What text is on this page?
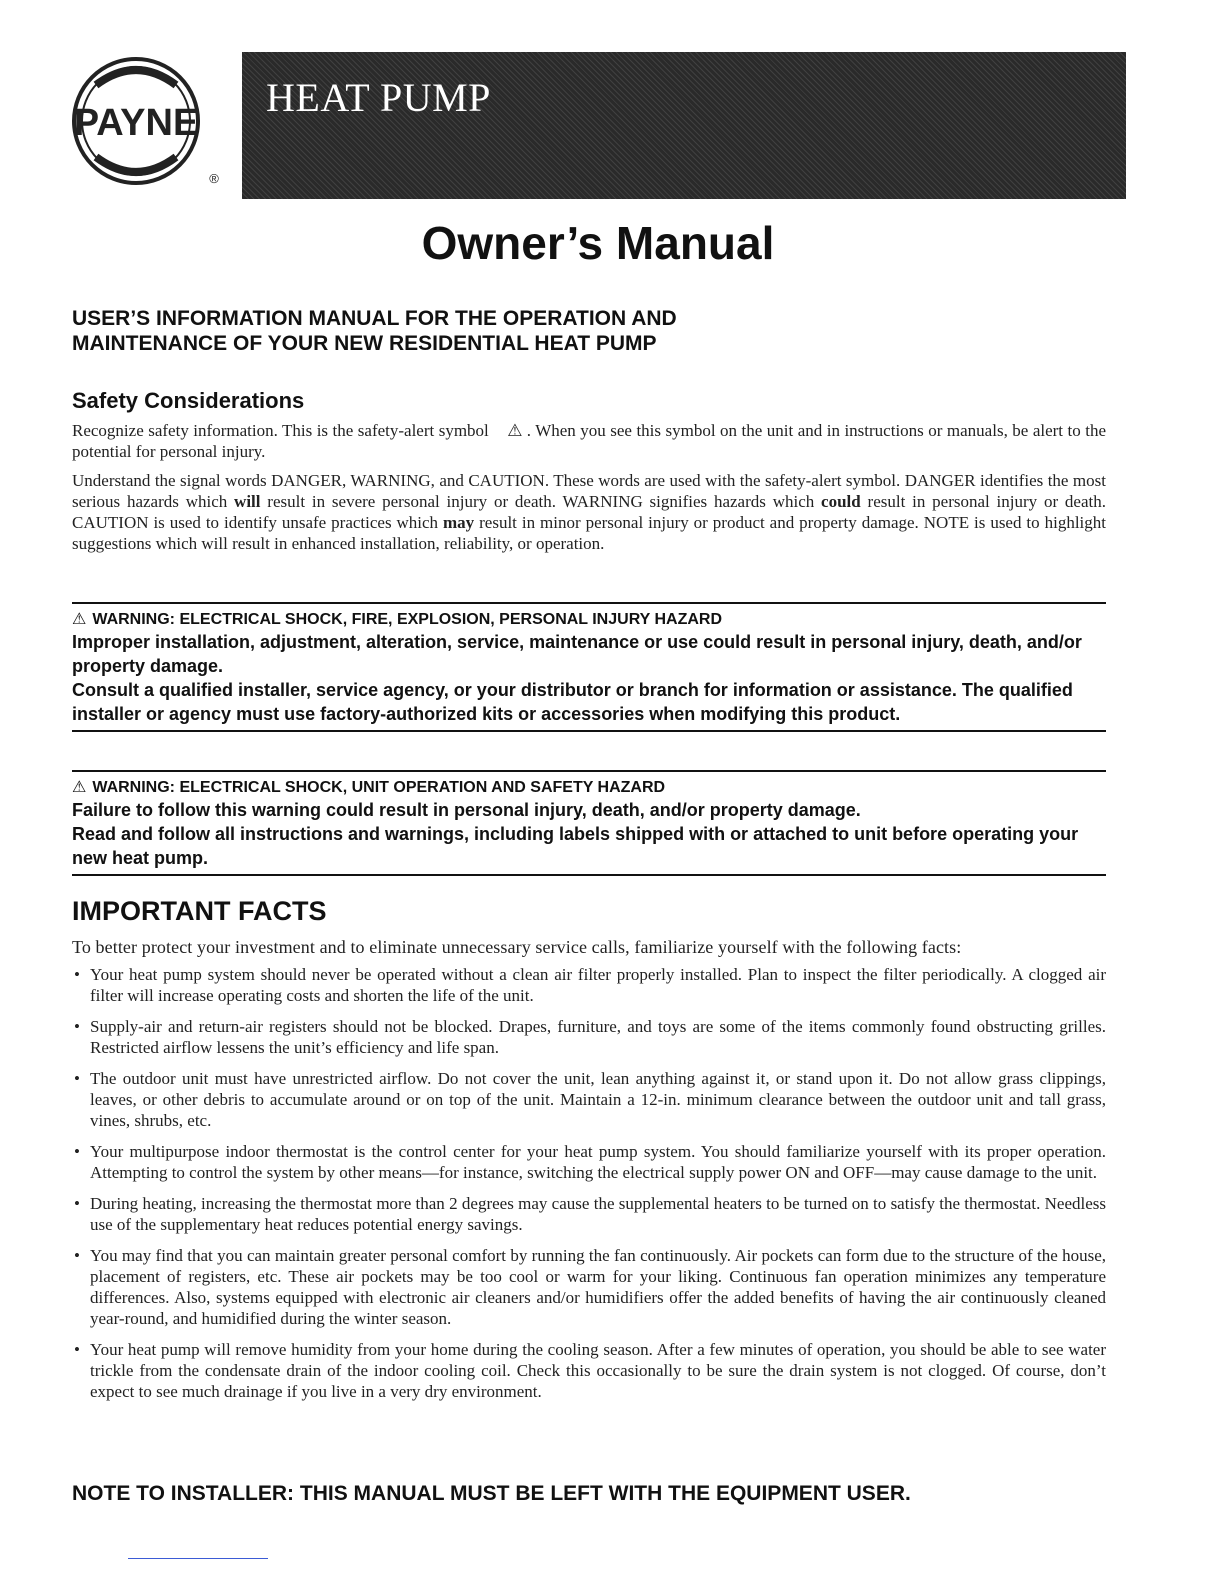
PAYNE
®
HEAT PUMP
Owner’s Manual
USER’S INFORMATION MANUAL FOR THE OPERATION AND
MAINTENANCE OF YOUR NEW RESIDENTIAL HEAT PUMP
Safety Considerations
Recognize safety information. This is the safety-alert symbol ⚠ . When you see this symbol on the unit and in instructions or manuals, be alert to the potential for personal injury.
Understand the signal words DANGER, WARNING, and CAUTION. These words are used with the safety-alert symbol. DANGER identifies the most serious hazards which will result in severe personal injury or death. WARNING signifies hazards which could result in personal injury or death. CAUTION is used to identify unsafe practices which may result in minor personal injury or product and property damage. NOTE is used to highlight suggestions which will result in enhanced installation, reliability, or operation.
⚠ WARNING: ELECTRICAL SHOCK, FIRE, EXPLOSION, PERSONAL INJURY HAZARD
Improper installation, adjustment, alteration, service, maintenance or use could result in personal injury, death, and/or property damage.
Consult a qualified installer, service agency, or your distributor or branch for information or assistance. The qualified installer or agency must use factory-authorized kits or accessories when modifying this product.
⚠ WARNING: ELECTRICAL SHOCK, UNIT OPERATION AND SAFETY HAZARD
Failure to follow this warning could result in personal injury, death, and/or property damage.
Read and follow all instructions and warnings, including labels shipped with or attached to unit before operating your new heat pump.
IMPORTANT FACTS
To better protect your investment and to eliminate unnecessary service calls, familiarize yourself with the following facts:
• Your heat pump system should never be operated without a clean air filter properly installed. Plan to inspect the filter periodically. A clogged air filter will increase operating costs and shorten the life of the unit.
• Supply-air and return-air registers should not be blocked. Drapes, furniture, and toys are some of the items commonly found obstructing grilles. Restricted airflow lessens the unit’s efficiency and life span.
• The outdoor unit must have unrestricted airflow. Do not cover the unit, lean anything against it, or stand upon it. Do not allow grass clippings, leaves, or other debris to accumulate around or on top of the unit. Maintain a 12-in. minimum clearance between the outdoor unit and tall grass, vines, shrubs, etc.
• Your multipurpose indoor thermostat is the control center for your heat pump system. You should familiarize yourself with its proper operation. Attempting to control the system by other means—for instance, switching the electrical supply power ON and OFF—may cause damage to the unit.
• During heating, increasing the thermostat more than 2 degrees may cause the supplemental heaters to be turned on to satisfy the thermostat. Needless use of the supplementary heat reduces potential energy savings.
• You may find that you can maintain greater personal comfort by running the fan continuously. Air pockets can form due to the structure of the house, placement of registers, etc. These air pockets may be too cool or warm for your liking. Continuous fan operation minimizes any temperature differences. Also, systems equipped with electronic air cleaners and/or humidifiers offer the added benefits of having the air continuously cleaned year-round, and humidified during the winter season.
• Your heat pump will remove humidity from your home during the cooling season. After a few minutes of operation, you should be able to see water trickle from the condensate drain of the indoor cooling coil. Check this occasionally to be sure the drain system is not clogged. Of course, don’t expect to see much drainage if you live in a very dry environment.
NOTE TO INSTALLER: THIS MANUAL MUST BE LEFT WITH THE EQUIPMENT USER.
